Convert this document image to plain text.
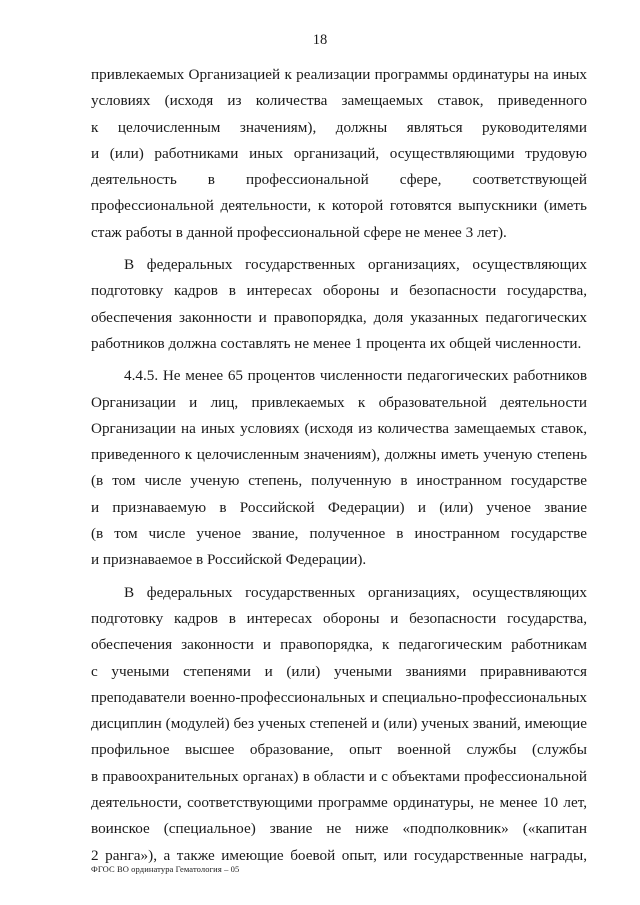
18
привлекаемых Организацией к реализации программы ординатуры на иных
условиях (исходя из количества замещаемых ставок, приведенного
к целочисленным значениям), должны являться руководителями
и (или) работниками иных организаций, осуществляющими трудовую
деятельность в профессиональной сфере, соответствующей
профессиональной деятельности, к которой готовятся выпускники (иметь
стаж работы в данной профессиональной сфере не менее 3 лет).
В федеральных государственных организациях, осуществляющих
подготовку кадров в интересах обороны и безопасности государства,
обеспечения законности и правопорядка, доля указанных педагогических
работников должна составлять не менее 1 процента их общей численности.
4.4.5. Не менее 65 процентов численности педагогических работников
Организации и лиц, привлекаемых к образовательной деятельности
Организации на иных условиях (исходя из количества замещаемых ставок,
приведенного к целочисленным значениям), должны иметь ученую степень
(в том числе ученую степень, полученную в иностранном государстве
и признаваемую в Российской Федерации) и (или) ученое звание
(в том числе ученое звание, полученное в иностранном государстве
и признаваемое в Российской Федерации).
В федеральных государственных организациях, осуществляющих
подготовку кадров в интересах обороны и безопасности государства,
обеспечения законности и правопорядка, к педагогическим работникам
с учеными степенями и (или) учеными званиями приравниваются
преподаватели военно-профессиональных и специально-профессиональных
дисциплин (модулей) без ученых степеней и (или) ученых званий, имеющие
профильное высшее образование, опыт военной службы (службы
в правоохранительных органах) в области и с объектами профессиональной
деятельности, соответствующими программе ординатуры, не менее 10 лет,
воинское (специальное) звание не ниже «подполковник» («капитан
2 ранга»), а также имеющие боевой опыт, или государственные награды,
ФГОС ВО ординатура Гематология – 05
